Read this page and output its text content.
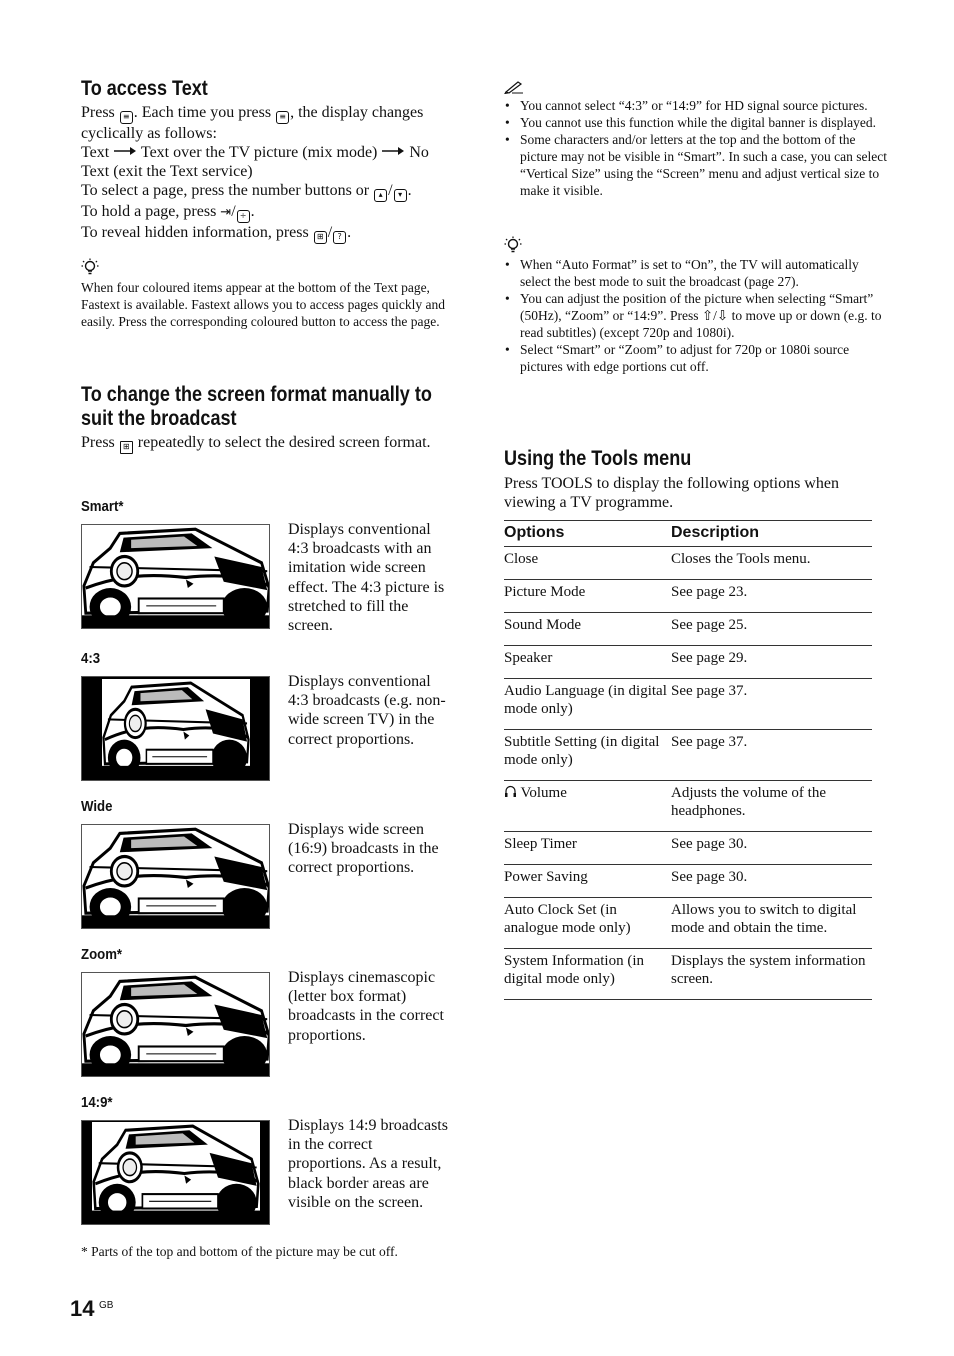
To access Text
Press ≡ . Each time you press ≡ , the display changes cyclically as follows:
Text Text over the TV picture (mix mode) No Text (exit the Text service)
To select a page, press the number buttons or ▴ / ▾ .
To hold a page, press ⇥/ ÷ .
To reveal hidden information, press ⊞ / ? .
When four coloured items appear at the bottom of the Text page, Fastext is available. Fastext allows you to access pages quickly and easily. Press the corresponding coloured button to access the page.
To change the screen format manually to
suit the broadcast
Press ⊞ repeatedly to select the desired screen format.
Smart*
Displays conventional 4:3 broadcasts with an imitation wide screen effect. The 4:3 picture is stretched to fill the screen.
4:3
Displays conventional 4:3 broadcasts (e.g. non-wide screen TV) in the correct proportions.
Wide
Displays wide screen (16:9) broadcasts in the correct proportions.
Zoom*
Displays cinemascopic (letter box format) broadcasts in the correct proportions.
14:9*
Displays 14:9 broadcasts in the correct proportions. As a result, black border areas are visible on the screen.
* Parts of the top and bottom of the picture may be cut off.
14 GB
• You cannot select “4:3” or “14:9” for HD signal source pictures.
• You cannot use this function while the digital banner is displayed.
• Some characters and/or letters at the top and the bottom of the picture may not be visible in “Smart”. In such a case, you can select “Vertical Size” using the “Screen” menu and adjust vertical size to make it visible.
• When “Auto Format” is set to “On”, the TV will automatically select the best mode to suit the broadcast (page 27).
• You can adjust the position of the picture when selecting “Smart” (50Hz), “Zoom” or “14:9”. Press ⇧/⇩ to move up or down (e.g. to read subtitles) (except 720p and 1080i).
• Select “Smart” or “Zoom” to adjust for 720p or 1080i source pictures with edge portions cut off.
Using the Tools menu
Press TOOLS to display the following options when viewing a TV programme.
Options	Description
Close	Closes the Tools menu.
Picture Mode	See page 23.
Sound Mode	See page 25.
Speaker	See page 29.
Audio Language (in digital mode only)	See page 37.
Subtitle Setting (in digital mode only)	See page 37.
Volume	Adjusts the volume of the headphones.
Sleep Timer	See page 30.
Power Saving	See page 30.
Auto Clock Set (in analogue mode only)	Allows you to switch to digital mode and obtain the time.
System Information (in digital mode only)	Displays the system information screen.
